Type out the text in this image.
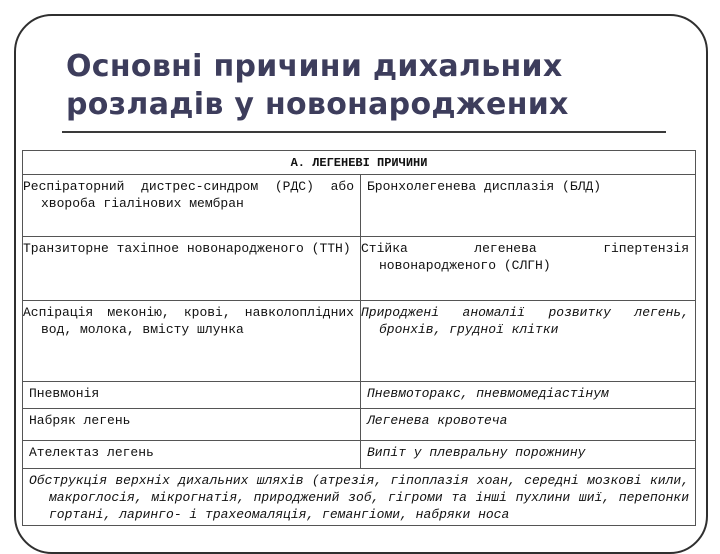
Основні причини дихальних розладів у новонароджених
А. ЛЕГЕНЕВІ ПРИЧИНИ	
Респіраторний дистрес-синдром (РДС) або хвороба гіалінових мембран	Бронхолегенева дисплазія (БЛД)
Транзиторне тахіпное новонародженого (ТТН)	Стійка легенева гіпертензія новонародженого (СЛГН)
Аспірація меконію, крові, навколоплідних вод, молока, вмісту шлунка	Природжені аномалії розвитку легень, бронхів, грудної клітки
Пневмонія	Пневмоторакс, пневмомедіастінум
Набряк легень	Легенева кровотеча
Ателектаз легень	Випіт у плевральну порожнину
Обструкція верхніх дихальних шляхів (атрезія, гіпоплазія хоан, середні мозкові кили, макроглосія, мікрогнатія, природжений зоб, гігроми та інші пухлини шиї, перепонки гортані, ларинго- і трахеомаляція, гемангіоми, набряки носа	
